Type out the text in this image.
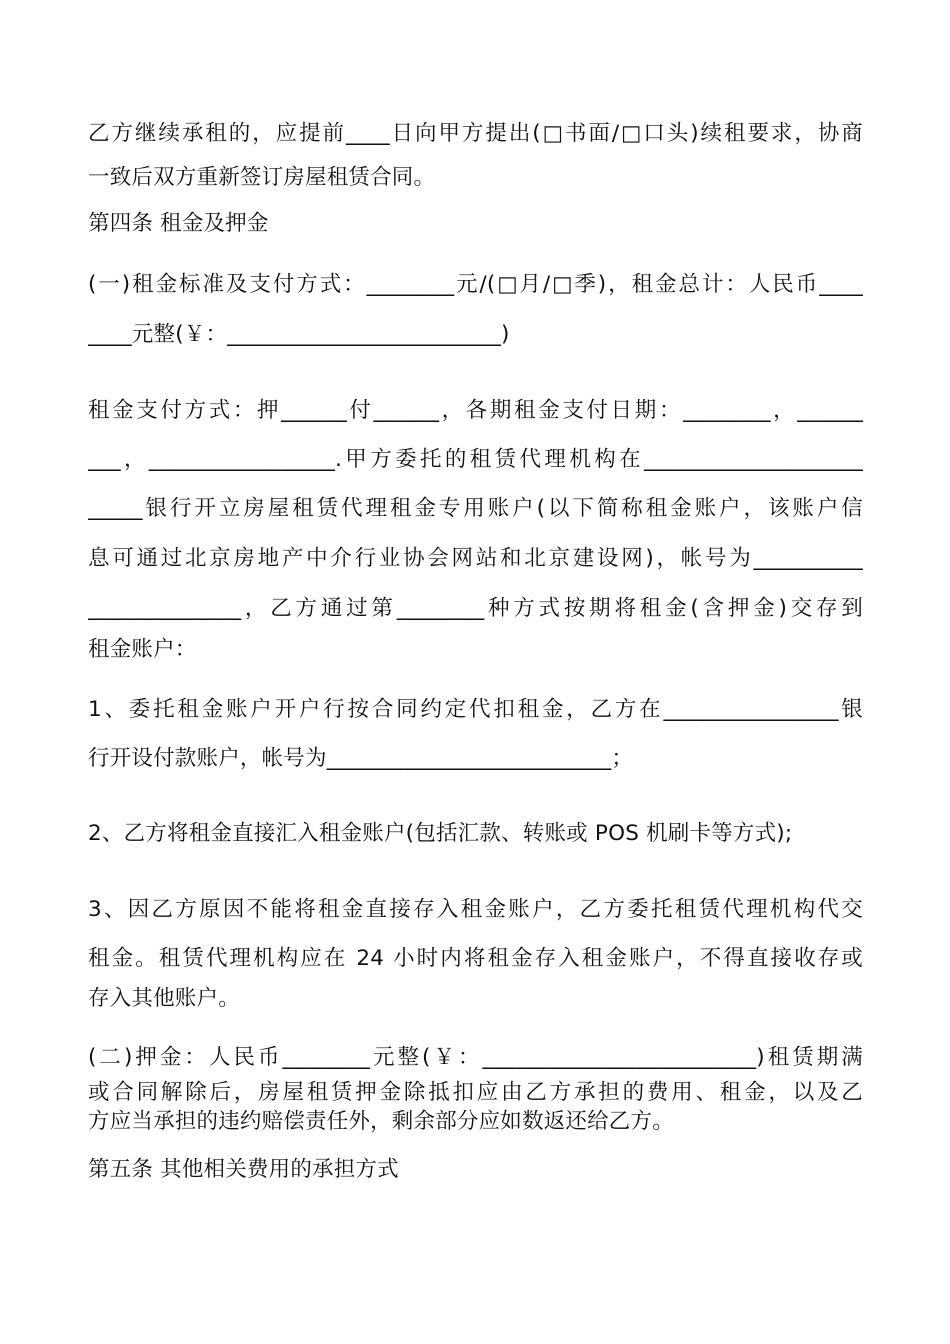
乙方继续承租的，应提前____日向甲方提出(□书面/□口头)续租要求，协商
一致后双方重新签订房屋租赁合同。
第四条 租金及押金
(一)租金标准及支付方式：________元/(□月/□季)，租金总计：人民币____
____元整(￥：_________________________)
租金支付方式：押______付______，各期租金支付日期：________，______
___，_________________.甲方委托的租赁代理机构在____________________
_____银行开立房屋租赁代理租金专用账户(以下简称租金账户，该账户信
息可通过北京房地产中介行业协会网站和北京建设网)，帐号为__________
______________，乙方通过第________种方式按期将租金(含押金)交存到
租金账户：
1、委托租金账户开户行按合同约定代扣租金，乙方在________________银
行开设付款账户，帐号为__________________________；
2、乙方将租金直接汇入租金账户(包括汇款、转账或 POS 机刷卡等方式);
3、因乙方原因不能将租金直接存入租金账户，乙方委托租赁代理机构代交
租金。租赁代理机构应在 24 小时内将租金存入租金账户，不得直接收存或
存入其他账户。
(二)押金：人民币________元整(￥：_________________________)租赁期满
或合同解除后，房屋租赁押金除抵扣应由乙方承担的费用、租金，以及乙
方应当承担的违约赔偿责任外，剩余部分应如数返还给乙方。
第五条 其他相关费用的承担方式
